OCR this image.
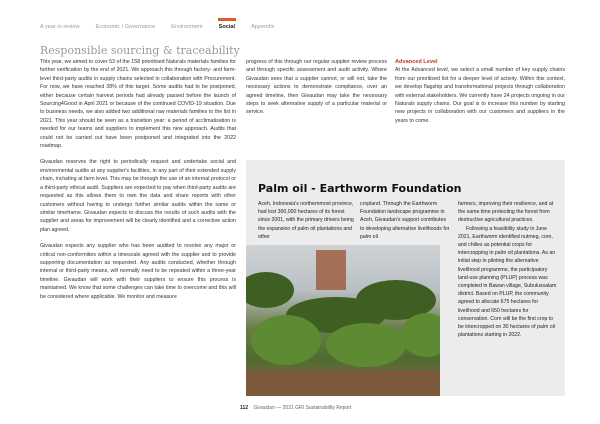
A year in review	Economic / Governance	Environment	Social	Appendix
Responsible sourcing & traceability

This year, we aimed to cover 53 of the 158 prioritised Naturals materials families for further verification by the end of 2021. We approach this through factory- and farm-level third-party audits in supply chains selected in collaboration with Procurement. For now, we have reached 38% of this target. Some audits had to be postponed, either because certain harvest periods had already passed before the launch of Sourcing4Good in April 2021 or because of the continued COVID-19 situation. Due to business needs, we also added two additional raw materials families to the list in 2021. This year should be seen as a transition year: a period of acclimatisation is needed for our teams and suppliers to implement this new approach. Audits that could not be carried out have been postponed and integrated into the 2022 roadmap.

Givaudan reserves the right to periodically request and undertake social and environmental audits at any supplier's facilities, in any part of their extended supply chain, including at farm level. This may be through the use of an internal protocol or a third-party ethical audit. Suppliers are expected to pay when third-party audits are requested as this allows them to own the data and share reports with other customers without having to undergo further similar audits within the same or similar timeframe. Givaudan expects to discuss the results of such audits with the supplier and areas for improvement will be clearly identified and a corrective action plan agreed.

Givaudan expects any supplier who has been audited to resolve any major or critical non-conformities within a timescale agreed with the supplier and to provide supporting documentation as requested. Any audits conducted, whether through internal or third-party means, will normally need to be repeated within a three-year timeline. Givaudan will work with their suppliers to ensure this process is maintained. We know that some challenges can take time to overcome and this will be considered where applicable. We monitor and measure

progress of this through our regular supplier review process and through specific assessment and audit activity. Where Givaudan sees that a supplier cannot, or will not, take the necessary actions to demonstrate compliance, over an agreed timeline, then Givaudan may take the necessary steps to seek alternative supply of a particular material or service.

Advanced Level

At the Advanced level, we select a small number of key supply chains from our prioritised list for a deeper level of activity. Within this context, we develop flagship and transformational projects through collaboration with external stakeholders. We currently have 24 projects ongoing in our Naturals supply chains. Our goal is to increase this number by starting new projects in collaboration with our customers and suppliers in the years to come.

Palm oil - Earthworm Foundation

Aceh, Indonesia's northernmost province, had lost 300,000 hectares of its forest since 2001, with the primary drivers being the expansion of palm oil plantations and other

cropland. Through the Earthworm Foundation landscape programme in Aceh, Givaudan's support contributes to developing alternative livelihoods for palm oil

farmers, improving their resilience, and at the same time protecting the forest from destructive agricultural practices.

Following a feasibility study in June 2021, Earthworm identified nutmeg, corn, and chilies as potential crops for intercropping in palm oil plantations. As an initial step in piloting the alternative livelihood programme, the participatory land-use planning (PLUP) process was completed in Bawan village, Subulussalam district. Based on PLUP, the community agreed to allocate 675 hectares for livelihood and 650 hectares for conservation. Corn will be the first crop to be intercropped on 30 hectares of palm oil plantations starting in 2022.

112 Givaudan — 2021 GRI Sustainability Report
